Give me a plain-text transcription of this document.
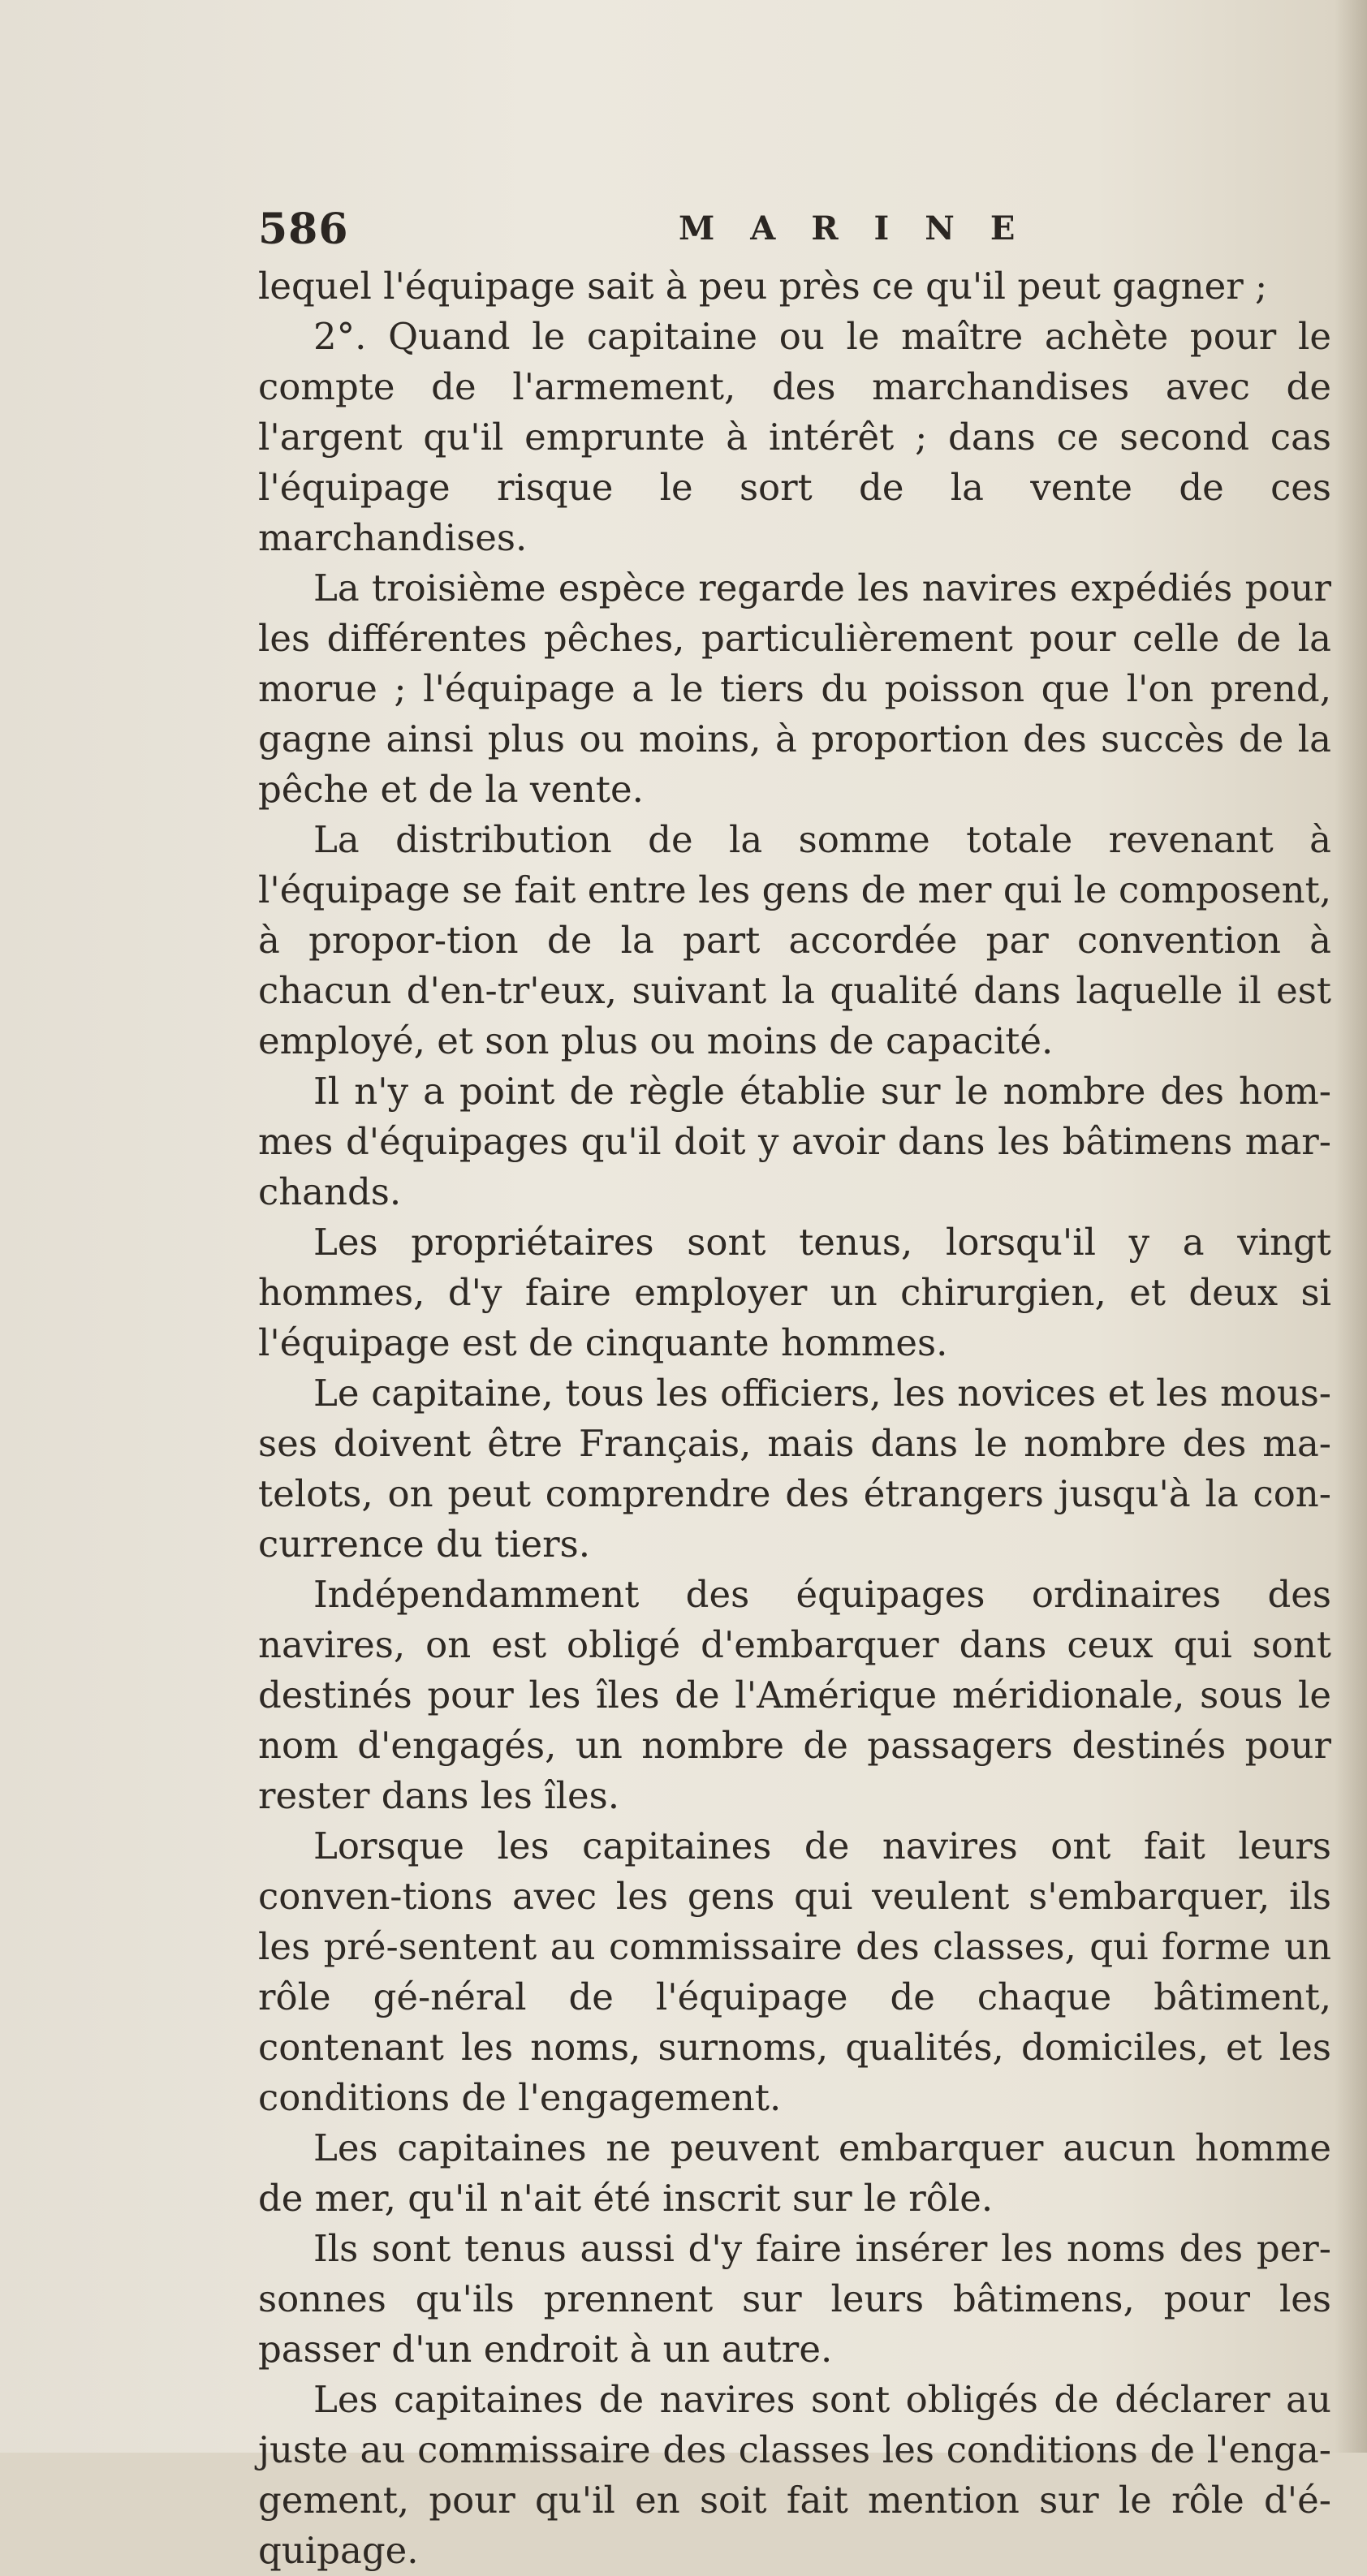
586	MARINE

lequel l'équipage sait à peu près ce qu'il peut gagner ;

2°. Quand le capitaine ou le maître achète pour le compte de l'armement, des marchandises avec de l'argent qu'il emprunte à intérêt ; dans ce second cas l'équipage risque le sort de la vente de ces marchandises.

La troisième espèce regarde les navires expédiés pour les différentes pêches, particulièrement pour celle de la morue ; l'équipage a le tiers du poisson que l'on prend, gagne ainsi plus ou moins, à proportion des succès de la pêche et de la vente.

La distribution de la somme totale revenant à l'équipage se fait entre les gens de mer qui le composent, à propor-tion de la part accordée par convention à chacun d'en-tr'eux, suivant la qualité dans laquelle il est employé, et son plus ou moins de capacité.

Il n'y a point de règle établie sur le nombre des hom-mes d'équipages qu'il doit y avoir dans les bâtimens mar-chands.

Les propriétaires sont tenus, lorsqu'il y a vingt hommes, d'y faire employer un chirurgien, et deux si l'équipage est de cinquante hommes.

Le capitaine, tous les officiers, les novices et les mous-ses doivent être Français, mais dans le nombre des ma-telots, on peut comprendre des étrangers jusqu'à la con-currence du tiers.

Indépendamment des équipages ordinaires des navires, on est obligé d'embarquer dans ceux qui sont destinés pour les îles de l'Amérique méridionale, sous le nom d'engagés, un nombre de passagers destinés pour rester dans les îles.

Lorsque les capitaines de navires ont fait leurs conven-tions avec les gens qui veulent s'embarquer, ils les pré-sentent au commissaire des classes, qui forme un rôle gé-néral de l'équipage de chaque bâtiment, contenant les noms, surnoms, qualités, domiciles, et les conditions de l'engagement.

Les capitaines ne peuvent embarquer aucun homme de mer, qu'il n'ait été inscrit sur le rôle.

Ils sont tenus aussi d'y faire insérer les noms des per-sonnes qu'ils prennent sur leurs bâtimens, pour les passer d'un endroit à un autre.

Les capitaines de navires sont obligés de déclarer au juste au commissaire des classes les conditions de l'enga-gement, pour qu'il en soit fait mention sur le rôle d'é-quipage.
